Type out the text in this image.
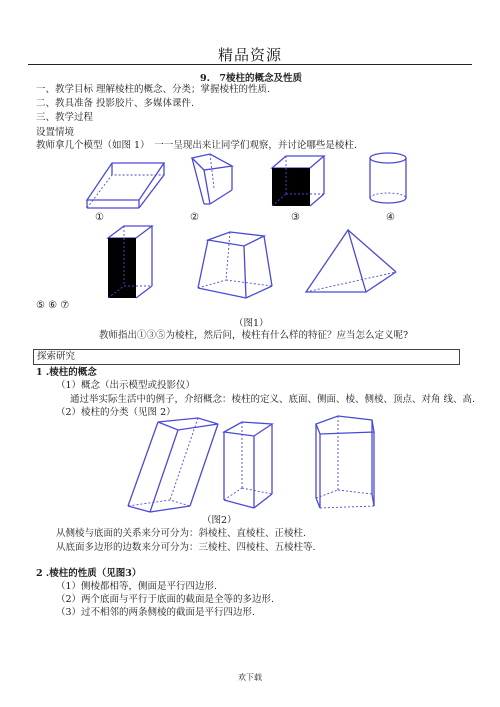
精品资源
9.　7棱柱的概念及性质
一、教学目标 理解棱柱的概念、分类；掌握棱柱的性质.
二、教具准备 投影胶片、多媒体课件.
三、教学过程
设置情境
教师拿几个模型（如图 1）　一一呈现出来让同学们观察，并讨论哪些是棱柱.
①	②	③	④
⑤ ⑥ ⑦
（图1）
教师指出①③⑤为棱柱，然后问，棱柱有什么样的特征？应当怎么定义呢?
探索研究
1 .棱柱的概念
（1）概念（出示模型或投影仪）
通过举实际生活中的例子，介绍概念：棱柱的定义、底面、侧面、棱、侧棱、顶点、对角 线、高.
（2）棱柱的分类（见图 2）
（图2）
从侧棱与底面的关系来分可分为：斜棱柱、直棱柱、正棱柱.
从底面多边形的边数来分可分为：三棱柱、四棱柱、五棱柱等.
2 .棱柱的性质（见图3）
（1）侧棱都相等，侧面是平行四边形.
（2）两个底面与平行于底面的截面是全等的多边形.
（3）过不相邻的两条侧棱的截面是平行四边形.
欢下载
